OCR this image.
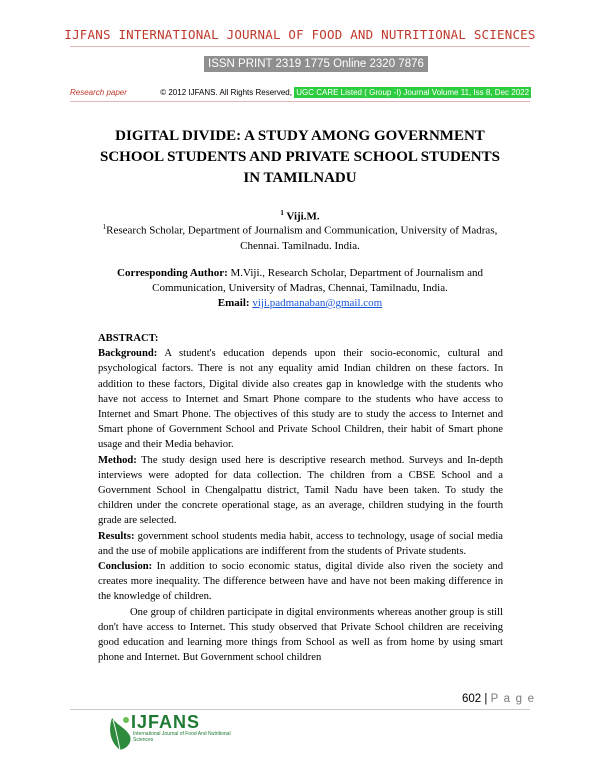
IJFANS INTERNATIONAL JOURNAL OF FOOD AND NUTRITIONAL SCIENCES
ISSN PRINT 2319 1775 Online 2320 7876
Research paper	© 2012 IJFANS. All Rights Reserved, UGC CARE Listed ( Group -I) Journal Volume 11, Iss 8, Dec 2022
DIGITAL DIVIDE: A STUDY AMONG GOVERNMENT SCHOOL STUDENTS AND PRIVATE SCHOOL STUDENTS IN TAMILNADU
$^1$ Viji.M.
$^1$Research Scholar, Department of Journalism and Communication, University of Madras, Chennai. Tamilnadu. India.
Corresponding Author: M.Viji., Research Scholar, Department of Journalism and Communication, University of Madras, Chennai, Tamilnadu, India.
Email: viji.padmanaban@gmail.com

ABSTRACT:

Background: A student's education depends upon their socio-economic, cultural and psychological factors. There is not any equality amid Indian children on these factors. In addition to these factors, Digital divide also creates gap in knowledge with the students who have not access to Internet and Smart Phone compare to the students who have access to Internet and Smart Phone. The objectives of this study are to study the access to Internet and Smart phone of Government School and Private School Children, their habit of Smart phone usage and their Media behavior.

Method: The study design used here is descriptive research method. Surveys and In-depth interviews were adopted for data collection. The children from a CBSE School and a Government School in Chengalpattu district, Tamil Nadu have been taken. To study the children under the concrete operational stage, as an average, children studying in the fourth grade are selected.

Results: government school students media habit, access to technology, usage of social media and the use of mobile applications are indifferent from the students of Private students.

Conclusion: In addition to socio economic status, digital divide also riven the society and creates more inequality. The difference between have and have not been making difference in the knowledge of children.

One group of children participate in digital environments whereas another group is still don't have access to Internet. This study observed that Private School children are receiving good education and learning more things from School as well as from home by using smart phone and Internet. But Government school children

602 | P a g e
IJFANS
International Journal of Food And Nutritional Sciences
